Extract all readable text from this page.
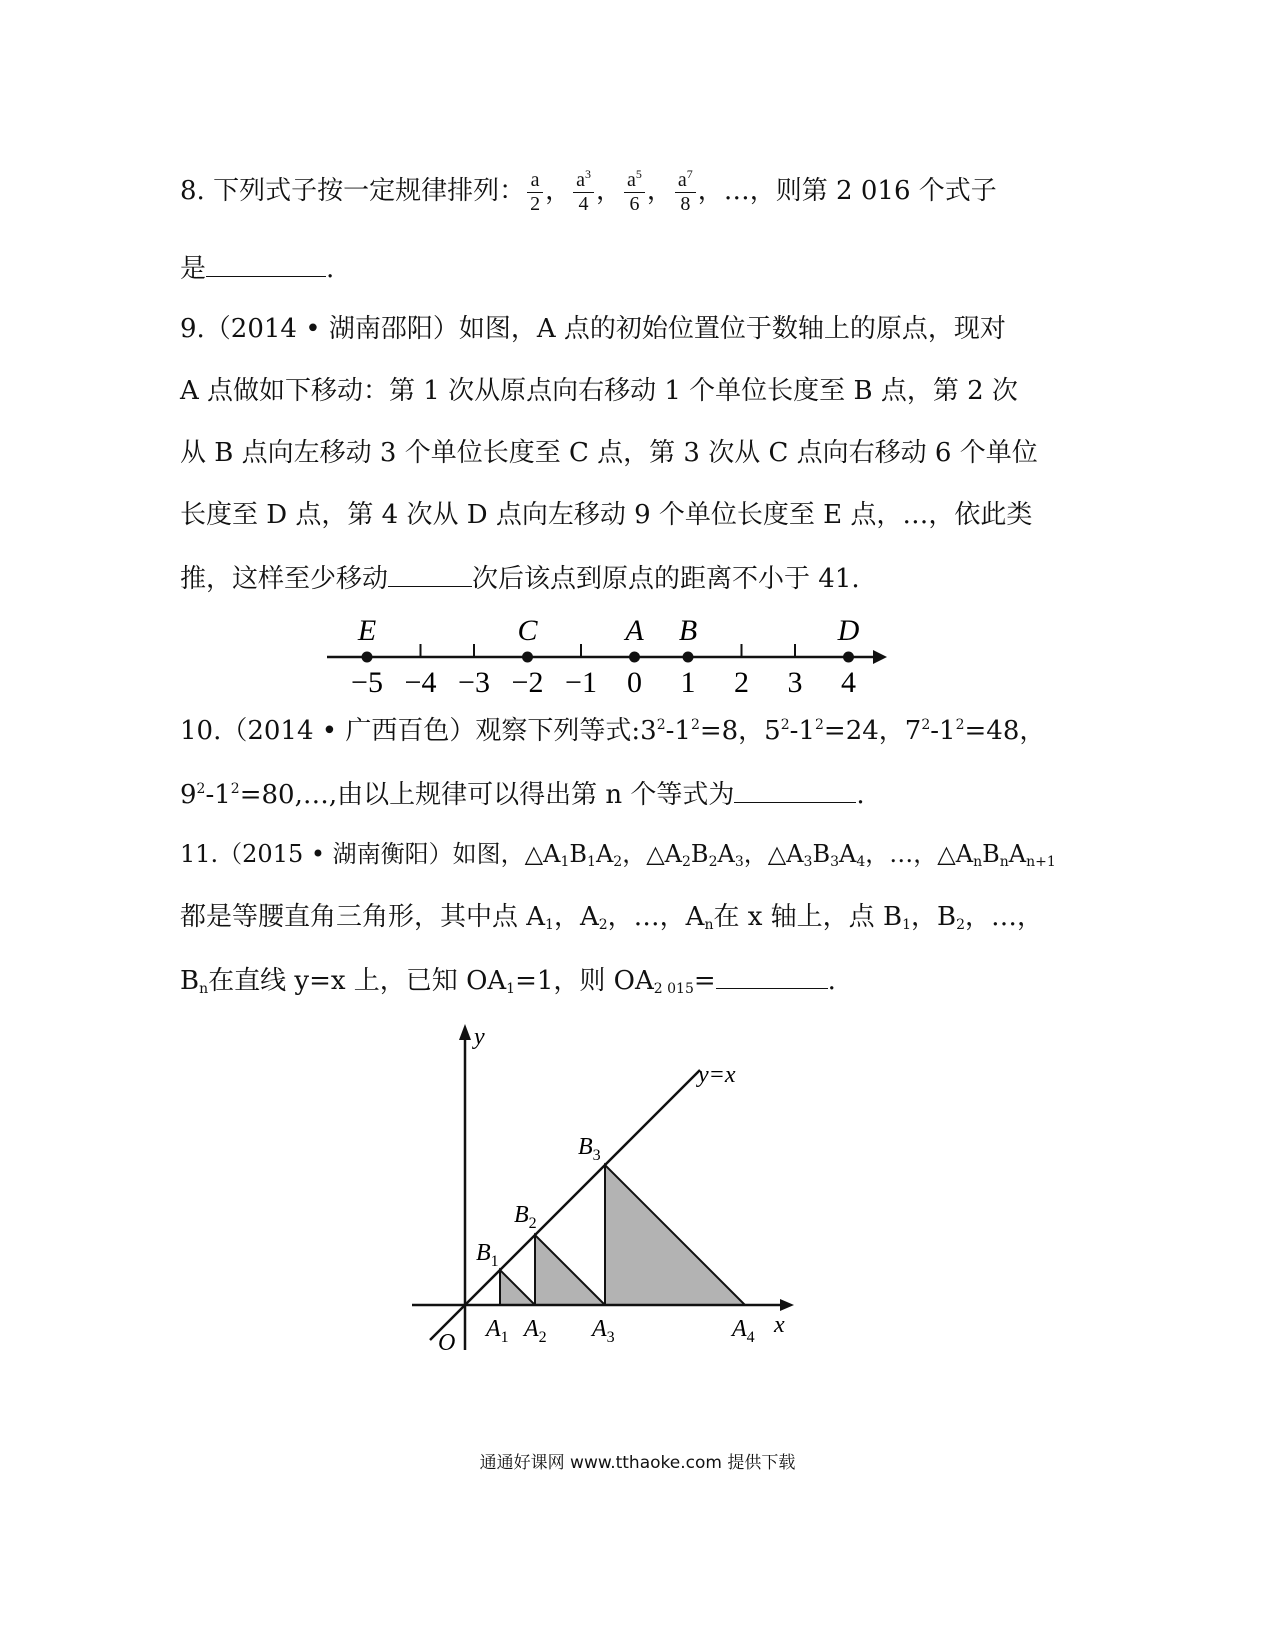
8. 下列式子按一定规律排列： $\frac{a}{2}$ ， $\frac{a^3}{4}$ ， $\frac{a^5}{6}$ ， $\frac{a^7}{8}$ ，…，则第 2 016 个式子
是	.
9.（2014 • 湖南邵阳）如图，A 点的初始位置位于数轴上的原点，现对
A 点做如下移动：第 1 次从原点向右移动 1 个单位长度至 B 点，第 2 次
从 B 点向左移动 3 个单位长度至 C 点，第 3 次从 C 点向右移动 6 个单位
长度至 D 点，第 4 次从 D 点向左移动 9 个单位长度至 E 点，…，依此类
推，这样至少移动	次后该点到原点的距离不小于 41.
−5 −4 −3 −2 −1 0 1 2 3 4
E	C	A B	D
10.（2014 • 广西百色）观察下列等式$:3^2-1^2=8$，$5^2-1^2=24$，$7^2-1^2=48$，
$9^2-1^2=80,\dots$,由以上规律可以得出第 n 个等式为	.
11.（2015 • 湖南衡阳）如图，$\triangle A_1B_1A_2$，$\triangle A_2B_2A_3$，$\triangle A_3B_3A_4$，…，$\triangle A_nB_nA_{n+1}$
都是等腰直角三角形，其中点 $A_1$，$A_2$，…，$A_n$在 x 轴上，点 $B_1$，$B_2$，…，
$B_n$在直线 y=x 上，已知 $OA_1=1$，则 $OA_{2 015}=$	.
y
x
O
y=x
$B_1$
$B_2$
$B_3$
$A_1$ $A_2$ $A_3$	$A_4$
通通好课网 www.tthaoke.com 提供下载
